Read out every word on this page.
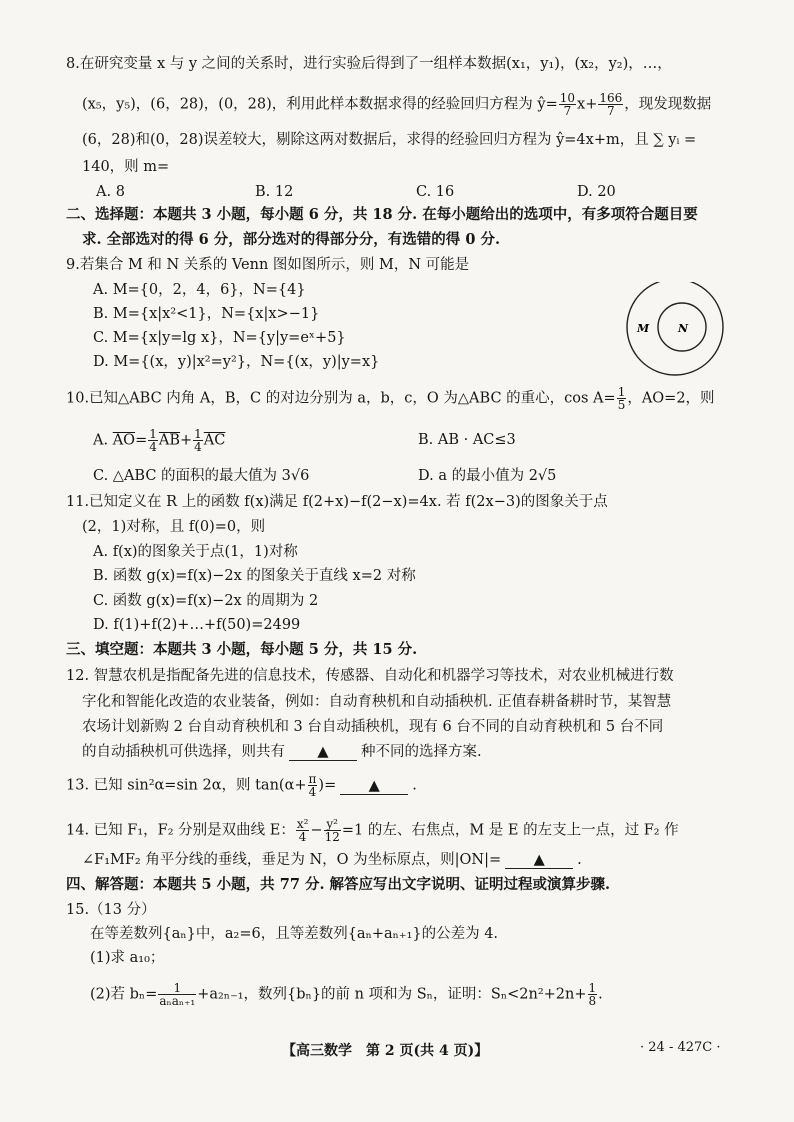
8.在研究变量 x 与 y 之间的关系时，进行实验后得到了一组样本数据(x₁，y₁)，(x₂，y₂)，…，
(x₅，y₅)，(6，28)，(0，28)，利用此样本数据求得的经验回归方程为 ŷ= $\frac{10}{7} x+ \frac{166}{7}$ ，现发现数据
(6，28)和(0，28)误差较大，剔除这两对数据后，求得的经验回归方程为 ŷ=4x+m，且 ∑ yᵢ =
140，则 m=
A. 8	B. 12	C. 16	D. 20
二、选择题：本题共 3 小题，每小题 6 分，共 18 分. 在每小题给出的选项中，有多项符合题目要
求. 全部选对的得 6 分，部分选对的得部分分，有选错的得 0 分.
9.若集合 M 和 N 关系的 Venn 图如图所示，则 M，N 可能是
A. M={0，2，4，6}，N={4}
B. M={x|x²<1}，N={x|x>−1}
C. M={x|y=lg x}，N={y|y=eˣ+5}
D. M={(x，y)|x²=y²}，N={(x，y)|y=x}
M	N
10.已知△ABC 内角 A，B，C 的对边分别为 a，b，c，O 为△ABC 的重心，$\cos A= \frac{1}{5}$ ，AO=2，则
A. $\overline{AO}= \frac{1}{4} \overline{AB}+ \frac{1}{4} \overline{AC}$	B. AB · AC≤3
C. △ABC 的面积的最大值为 3√6	D. a 的最小值为 2√5
11.已知定义在 R 上的函数 f(x)满足 f(2+x)−f(2−x)=4x. 若 f(2x−3)的图象关于点
(2，1)对称，且 f(0)=0，则
A. f(x)的图象关于点(1，1)对称
B. 函数 g(x)=f(x)−2x 的图象关于直线 x=2 对称
C. 函数 g(x)=f(x)−2x 的周期为 2
D. f(1)+f(2)+…+f(50)=2499
三、填空题：本题共 3 小题，每小题 5 分，共 15 分.
12. 智慧农机是指配备先进的信息技术，传感器、自动化和机器学习等技术，对农业机械进行数
字化和智能化改造的农业装备，例如：自动育秧机和自动插秧机. 正值春耕备耕时节，某智慧
农场计划新购 2 台自动育秧机和 3 台自动插秧机，现有 6 台不同的自动育秧机和 5 台不同
的自动插秧机可供选择，则共有 ▲ 种不同的选择方案.
13. 已知 sin²α=sin 2α，则 $\tan(\alpha+ \frac{\pi}{4}$ )= ▲ .
14. 已知 F₁，F₂ 分别是双曲线 E： $\frac{\text{x²}}{4} - \frac{\text{y²}}{12} =1$ 的左、右焦点，M 是 E 的左支上一点，过 F₂ 作
∠F₁MF₂ 角平分线的垂线，垂足为 N，O 为坐标原点，则|ON|= ▲ .
四、解答题：本题共 5 小题，共 77 分. 解答应写出文字说明、证明过程或演算步骤.
15.（13 分）
在等差数列{aₙ}中，a₂=6，且等差数列{aₙ+aₙ₊₁}的公差为 4.
(1)求 a₁₀；
(2)若 $b_n= \frac{1}{\text{aₙaₙ₊₁}} +a_{2n-1}$，数列{bₙ}的前 n 项和为 Sₙ，证明：$S_n<2n^2+2n+ \frac{1}{8}$ .
【高三数学　第 2 页(共 4 页)】	· 24 - 427C ·
